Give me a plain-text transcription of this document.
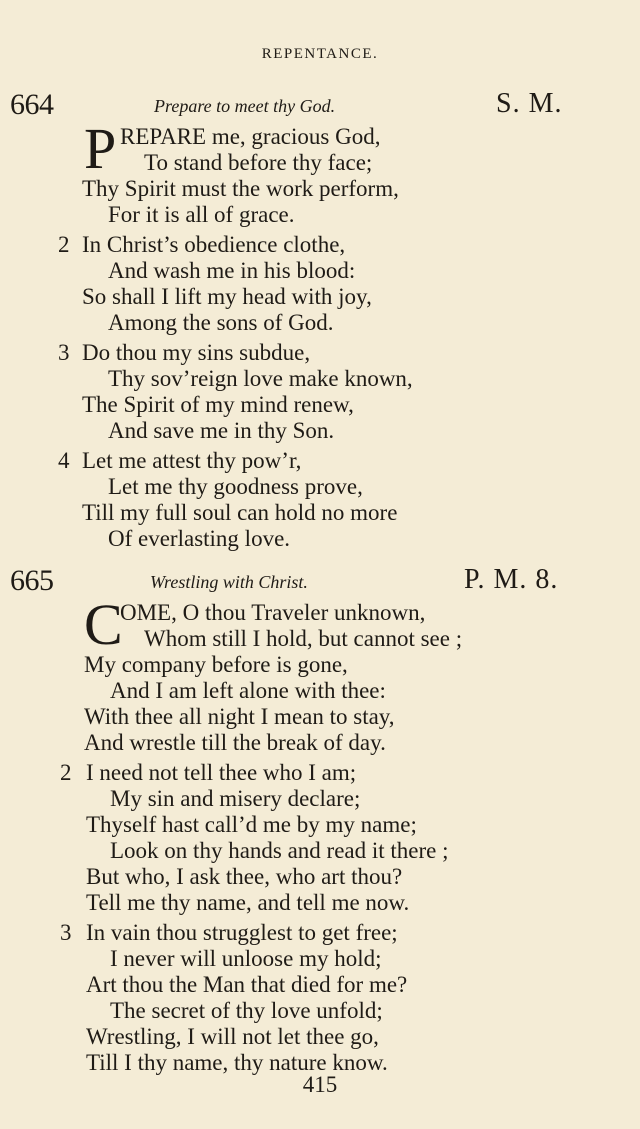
REPENTANCE.
664	Prepare to meet thy God.	S. M.
P REPARE me, gracious God,
To stand before thy face;
Thy Spirit must the work perform,
For it is all of grace.
2 In Christ’s obedience clothe,
And wash me in his blood:
So shall I lift my head with joy,
Among the sons of God.
3 Do thou my sins subdue,
Thy sov’reign love make known,
The Spirit of my mind renew,
And save me in thy Son.
4 Let me attest thy pow’r,
Let me thy goodness prove,
Till my full soul can hold no more
Of everlasting love.
665	Wrestling with Christ.	P. M. 8.
C
OME, O thou Traveler unknown,
Whom still I hold, but cannot see ;
My company before is gone,
And I am left alone with thee:
With thee all night I mean to stay,
And wrestle till the break of day.
2 I need not tell thee who I am;
My sin and misery declare;
Thyself hast call’d me by my name;
Look on thy hands and read it there ;
But who, I ask thee, who art thou?
Tell me thy name, and tell me now.
3 In vain thou strugglest to get free;
I never will unloose my hold;
Art thou the Man that died for me?
The secret of thy love unfold;
Wrestling, I will not let thee go,
Till I thy name, thy nature know.
415
